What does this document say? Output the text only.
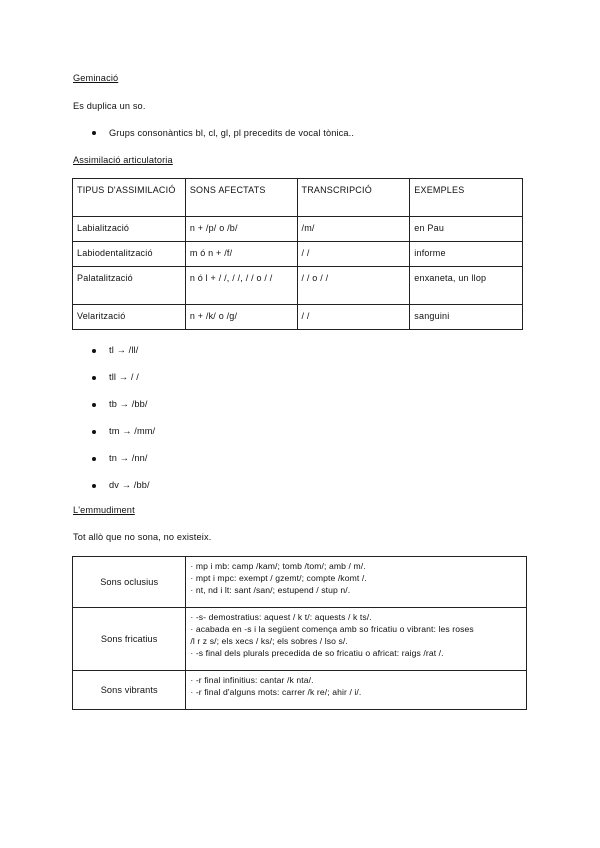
Geminació
Es duplica un so.
Grups consonàntics bl, cl, gl, pl precedits de vocal tònica..
Assimilació articulatoria
TIPUS D'ASSIMILACIÓ	SONS AFECTATS	TRANSCRIPCIÓ	EXEMPLES
Labialització	n + /p/ o /b/	/m/	en Pau
Labiodentalització	m ó n + /f/	/ /	informe
Palatalització	n ó l + / /, / /, / / o / /	/ / o / /	enxaneta, un llop
Velarització	n + /k/ o /g/	/ /	sanguini
tl → /ll/
tll → / /
tb → /bb/
tm → /mm/
tn → /nn/
dv → /bb/
L'emmudiment
Tot allò que no sona, no existeix.
Sons oclusius	· mp i mb: camp /kam/; tomb /tom/; amb / m/.
· mpt i mpc: exempt / gzemt/; compte /komt /.
· nt, nd i lt: sant /san/; estupend / stup n/.

Sons fricatius	· -s- demostratius: aquest / k t/: aquests / k ts/.
· acabada en -s i la següent comença amb so fricatiu o vibrant: les roses
/l r z s/; els xecs / ks/; els sobres / lso s/.
· -s final dels plurals precedida de so fricatiu o africat: raigs /rat /.

Sons vibrants	· -r final infinitius: cantar /k nta/.
· -r final d'alguns mots: carrer /k re/; ahir / i/.
